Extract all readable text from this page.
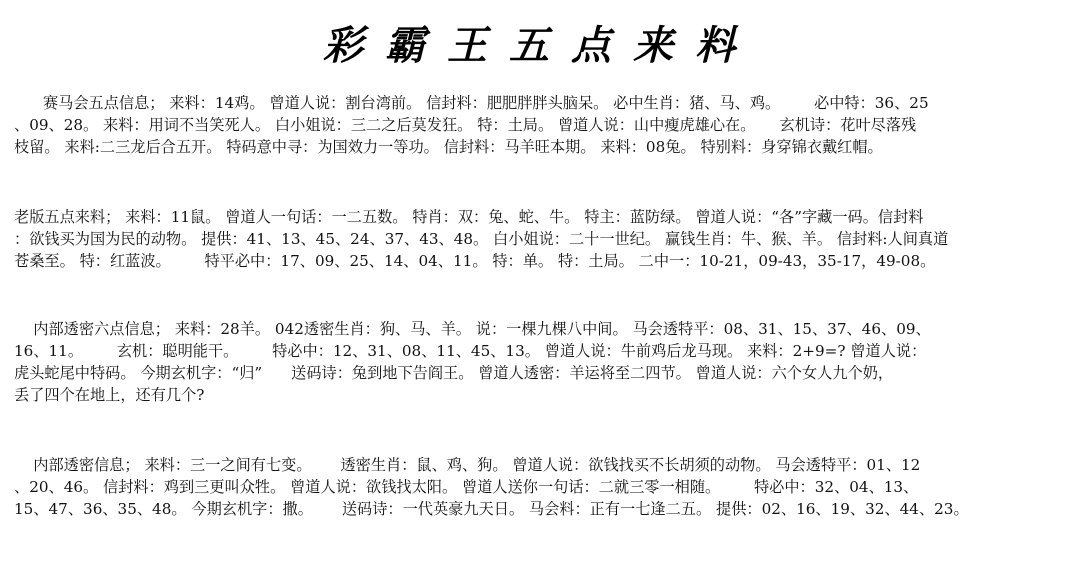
彩霸王五点来料
赛马会五点信息； 来料：14鸡。 曾道人说：割台湾前。 信封料：肥肥胖胖头脑呆。 必中生肖：猪、马、鸡。       必中特：36、25
、09、28。 来料：用词不当笑死人。 白小姐说：三二之后莫发狂。 特：土局。 曾道人说：山中瘦虎雄心在。     玄机诗：花叶尽落残
枝留。 来料:二三龙后合五开。 特码意中寻：为国效力一等功。 信封料：马羊旺本期。 来料：08兔。 特别料：身穿锦衣戴红帽。
老版五点来料； 来料：11鼠。 曾道人一句话：一二五数。 特肖：双：兔、蛇、牛。 特主：蓝防绿。 曾道人说：“各”字藏一码。信封料
：欲钱买为国为民的动物。 提供：41、13、45、24、37、43、48。 白小姐说：二十一世纪。 赢钱生肖：牛、猴、羊。 信封料:人间真道
苍桑至。 特：红蓝波。       特平必中：17、09、25、14、04、11。 特：单。 特：土局。 二中一：10-21，09-43，35-17，49-08。
内部透密六点信息； 来料：28羊。 042透密生肖：狗、马、羊。 说：一棵九棵八中间。 马会透特平：08、31、15、37、46、09、
16、11。       玄机：聪明能干。       特必中：12、31、08、11、45、13。 曾道人说：牛前鸡后龙马现。 来料：2+9=? 曾道人说：
虎头蛇尾中特码。 今期玄机字：“归”      送码诗：兔到地下告阎王。 曾道人透密：羊运将至二四节。 曾道人说：六个女人九个奶，
丢了四个在地上，还有几个?
内部透密信息； 来料：三一之间有七变。      透密生肖：鼠、鸡、狗。 曾道人说：欲钱找买不长胡须的动物。 马会透特平：01、12
、20、46。 信封料：鸡到三更叫众牲。 曾道人说：欲钱找太阳。 曾道人送你一句话：二就三零一相随。       特必中：32、04、13、
15、47、36、35、48。 今期玄机字：撒。      送码诗：一代英豪九天日。 马会料：正有一七逢二五。 提供：02、16、19、32、44、23。
